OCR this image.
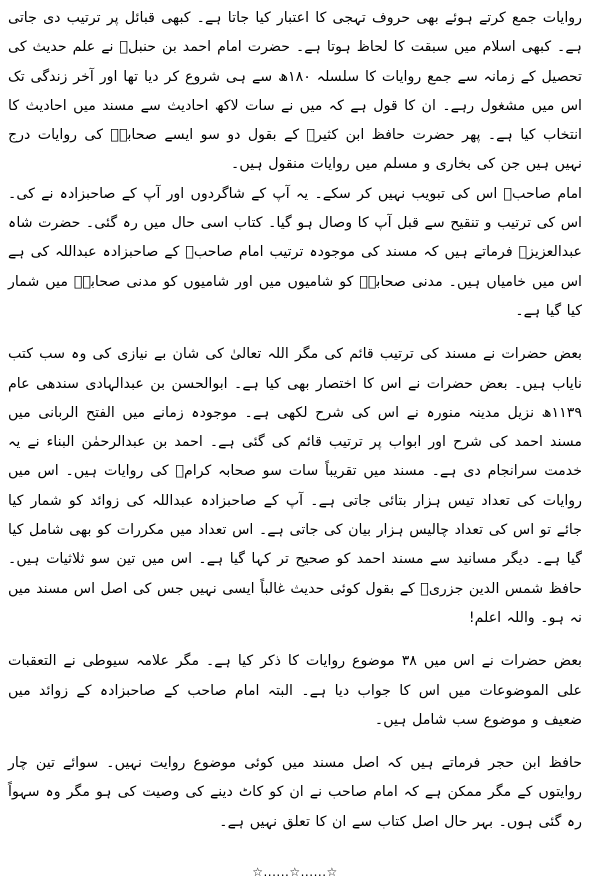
روایات جمع کرتے ہوئے بھی حروف تہجی کا اعتبار کیا جاتا ہے۔ کبھی قبائل پر ترتیب دی جاتی ہے۔ کبھی اسلام میں سبقت کا لحاظ ہوتا ہے۔ حضرت امام احمد بن حنبلؒ نے علم حدیث کی تحصیل کے زمانہ سے جمع روایات کا سلسلہ ۱۸۰ھ سے ہی شروع کر دیا تھا اور آخر زندگی تک اس میں مشغول رہے۔ ان کا قول ہے کہ میں نے سات لاکھ احادیث سے مسند میں احادیث کا انتخاب کیا ہے۔ پھر حضرت حافظ ابن کثیرؒ کے بقول دو سو ایسے صحابہؓ کی روایات درج نہیں ہیں جن کی بخاری و مسلم میں روایات منقول ہیں۔

امام صاحبؒ اس کی تبویب نہیں کر سکے۔ یہ آپ کے شاگردوں اور آپ کے صاحبزادہ نے کی۔ اس کی ترتیب و تنقیح سے قبل آپ کا وصال ہو گیا۔ کتاب اسی حال میں رہ گئی۔ حضرت شاہ عبدالعزیزؒ فرماتے ہیں کہ مسند کی موجودہ ترتیب امام صاحبؒ کے صاحبزادہ عبداللہ کی ہے اس میں خامیاں ہیں۔ مدنی صحابہؓ کو شامیوں میں اور شامیوں کو مدنی صحابہؓ میں شمار کیا گیا ہے۔

بعض حضرات نے مسند کی ترتیب قائم کی مگر اللہ تعالیٰ کی شان بے نیازی کی وہ سب کتب نایاب ہیں۔ بعض حضرات نے اس کا اختصار بھی کیا ہے۔ ابوالحسن بن عبدالہادی سندھی عام ۱۱۳۹ھ نزیل مدینہ منورہ نے اس کی شرح لکھی ہے۔ موجودہ زمانے میں الفتح الربانی میں مسند احمد کی شرح اور ابواب پر ترتیب قائم کی گئی ہے۔ احمد بن عبدالرحمٰن البناء نے یہ خدمت سرانجام دی ہے۔ مسند میں تقریباً سات سو صحابہ کرامؓ کی روایات ہیں۔ اس میں روایات کی تعداد تیس ہزار بتائی جاتی ہے۔ آپ کے صاحبزادہ عبداللہ کی زوائد کو شمار کیا جائے تو اس کی تعداد چالیس ہزار بیان کی جاتی ہے۔ اس تعداد میں مکررات کو بھی شامل کیا گیا ہے۔ دیگر مسانید سے مسند احمد کو صحیح تر کہا گیا ہے۔ اس میں تین سو ثلاثیات ہیں۔ حافظ شمس الدین جزریؒ کے بقول کوئی حدیث غالباً ایسی نہیں جس کی اصل اس مسند میں نہ ہو۔ واللہ اعلم!

بعض حضرات نے اس میں ۳۸ موضوع روایات کا ذکر کیا ہے۔ مگر علامہ سیوطی نے التعقبات علی الموضوعات میں اس کا جواب دیا ہے۔ البتہ امام صاحب کے صاحبزادہ کے زوائد میں ضعیف و موضوع سب شامل ہیں۔

حافظ ابن حجر فرماتے ہیں کہ اصل مسند میں کوئی موضوع روایت نہیں۔ سوائے تین چار روایتوں کے مگر ممکن ہے کہ امام صاحب نے ان کو کاٹ دینے کی وصیت کی ہو مگر وہ سہواً رہ گئی ہوں۔ بہر حال اصل کتاب سے ان کا تعلق نہیں ہے۔

☆......☆......☆
